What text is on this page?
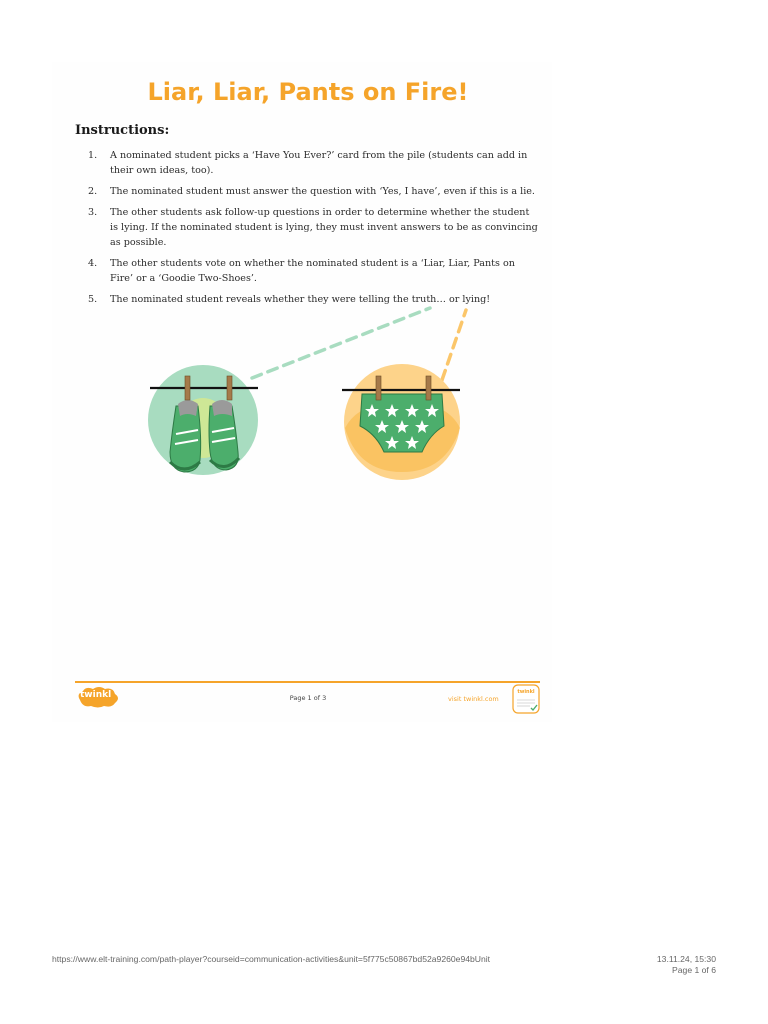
Liar, Liar, Pants on Fire!
Instructions:
1.	A nominated student picks a ‘Have You Ever?’ card from the pile (students can add in their own ideas, too).
2.	The nominated student must answer the question with ‘Yes, I have’, even if this is a lie.
3.	The other students ask follow-up questions in order to determine whether the student is lying. If the nominated student is lying, they must invent answers to be as convincing as possible.
4.	The other students vote on whether the nominated student is a ‘Liar, Liar, Pants on Fire’ or a ‘Goodie Two-Shoes’.
5.	The nominated student reveals whether they were telling the truth… or lying!
twinkl	Page 1 of 3	visit twinkl.com
twinkl
https://www.elt-training.com/path-player?courseid=communication-activities&unit=5f775c50867bd52a9260e94bUnit	13.11.24, 15:30
Page 1 of 6
